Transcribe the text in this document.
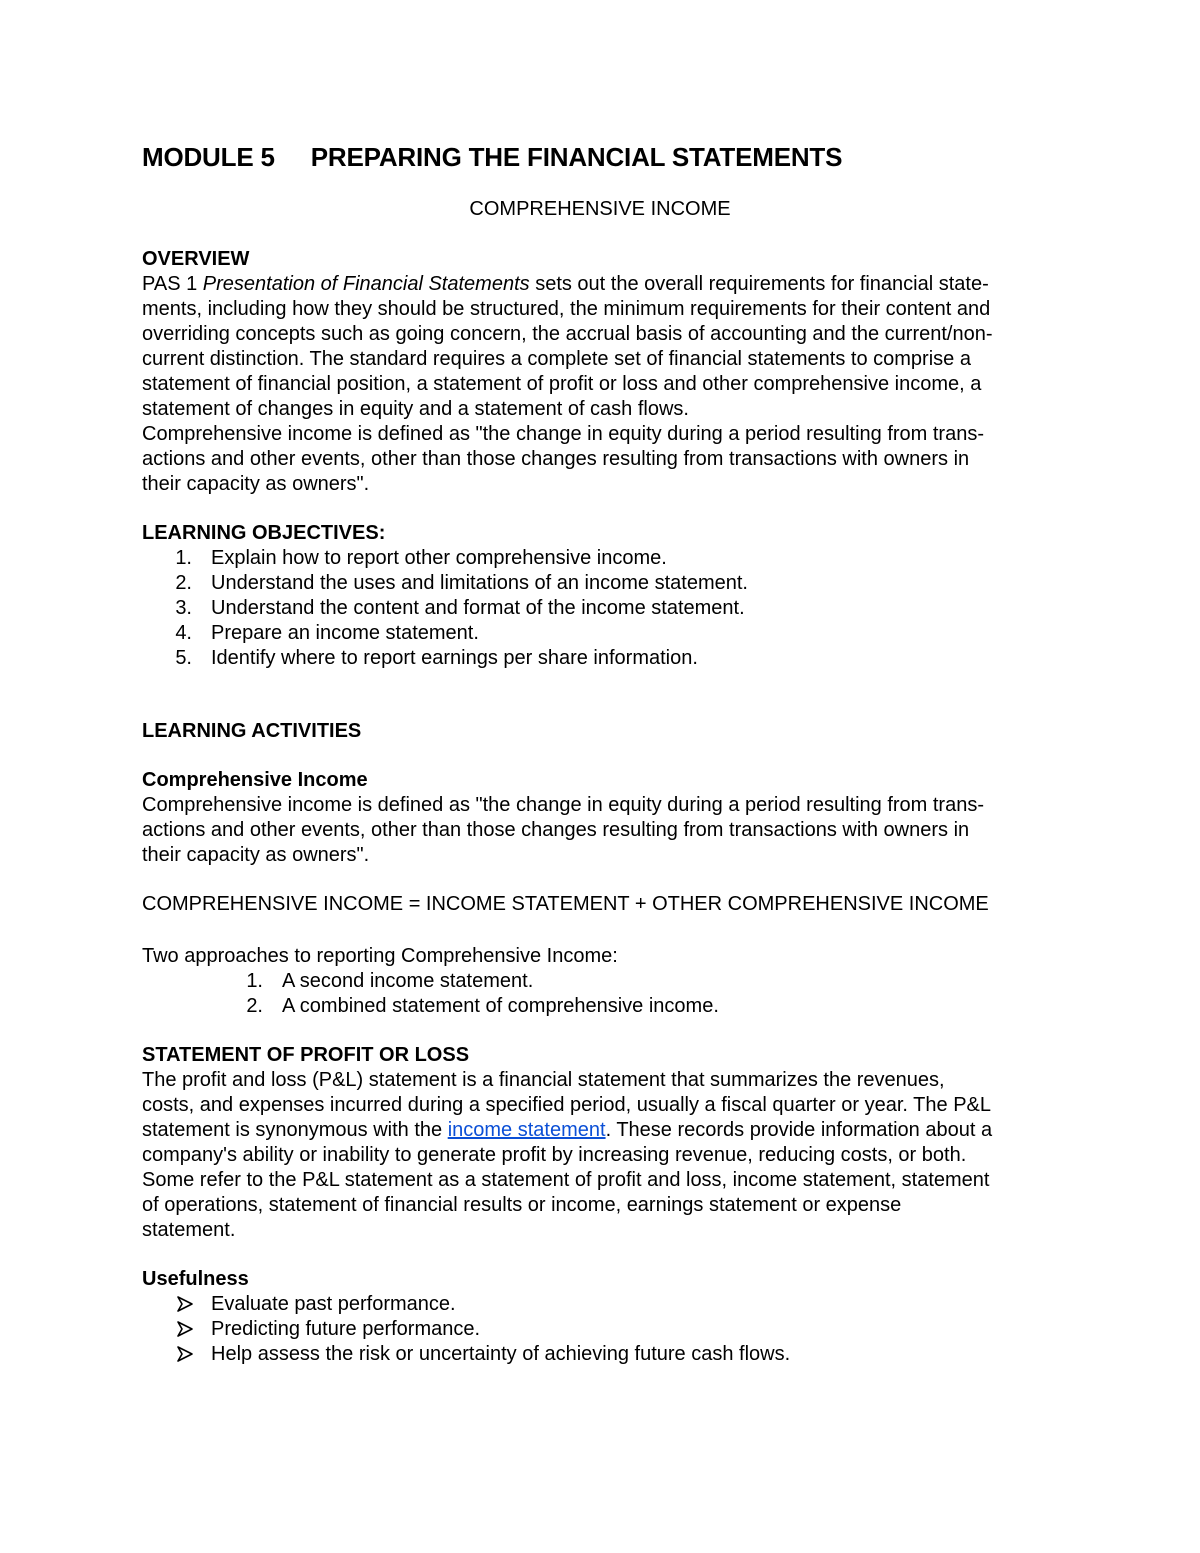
MODULE 5 PREPARING THE FINANCIAL STATEMENTS
COMPREHENSIVE INCOME
OVERVIEW
PAS 1 Presentation of Financial Statements sets out the overall requirements for financial state-
ments, including how they should be structured, the minimum requirements for their content and
overriding concepts such as going concern, the accrual basis of accounting and the current/non-
current distinction. The standard requires a complete set of financial statements to comprise a
statement of financial position, a statement of profit or loss and other comprehensive income, a
statement of changes in equity and a statement of cash flows.
Comprehensive income is defined as "the change in equity during a period resulting from trans-
actions and other events, other than those changes resulting from transactions with owners in
their capacity as owners".
LEARNING OBJECTIVES:
1. Explain how to report other comprehensive income.
2. Understand the uses and limitations of an income statement.
3. Understand the content and format of the income statement.
4. Prepare an income statement.
5. Identify where to report earnings per share information.
LEARNING ACTIVITIES
Comprehensive Income
Comprehensive income is defined as "the change in equity during a period resulting from trans-
actions and other events, other than those changes resulting from transactions with owners in
their capacity as owners".
COMPREHENSIVE INCOME = INCOME STATEMENT + OTHER COMPREHENSIVE INCOME
Two approaches to reporting Comprehensive Income:
1. A second income statement.
2. A combined statement of comprehensive income.
STATEMENT OF PROFIT OR LOSS
The profit and loss (P&L) statement is a financial statement that summarizes the revenues,
costs, and expenses incurred during a specified period, usually a fiscal quarter or year. The P&L
statement is synonymous with the income statement. These records provide information about a
company's ability or inability to generate profit by increasing revenue, reducing costs, or both.
Some refer to the P&L statement as a statement of profit and loss, income statement, statement
of operations, statement of financial results or income, earnings statement or expense
statement.
Usefulness
Evaluate past performance.
Predicting future performance.
Help assess the risk or uncertainty of achieving future cash flows.
